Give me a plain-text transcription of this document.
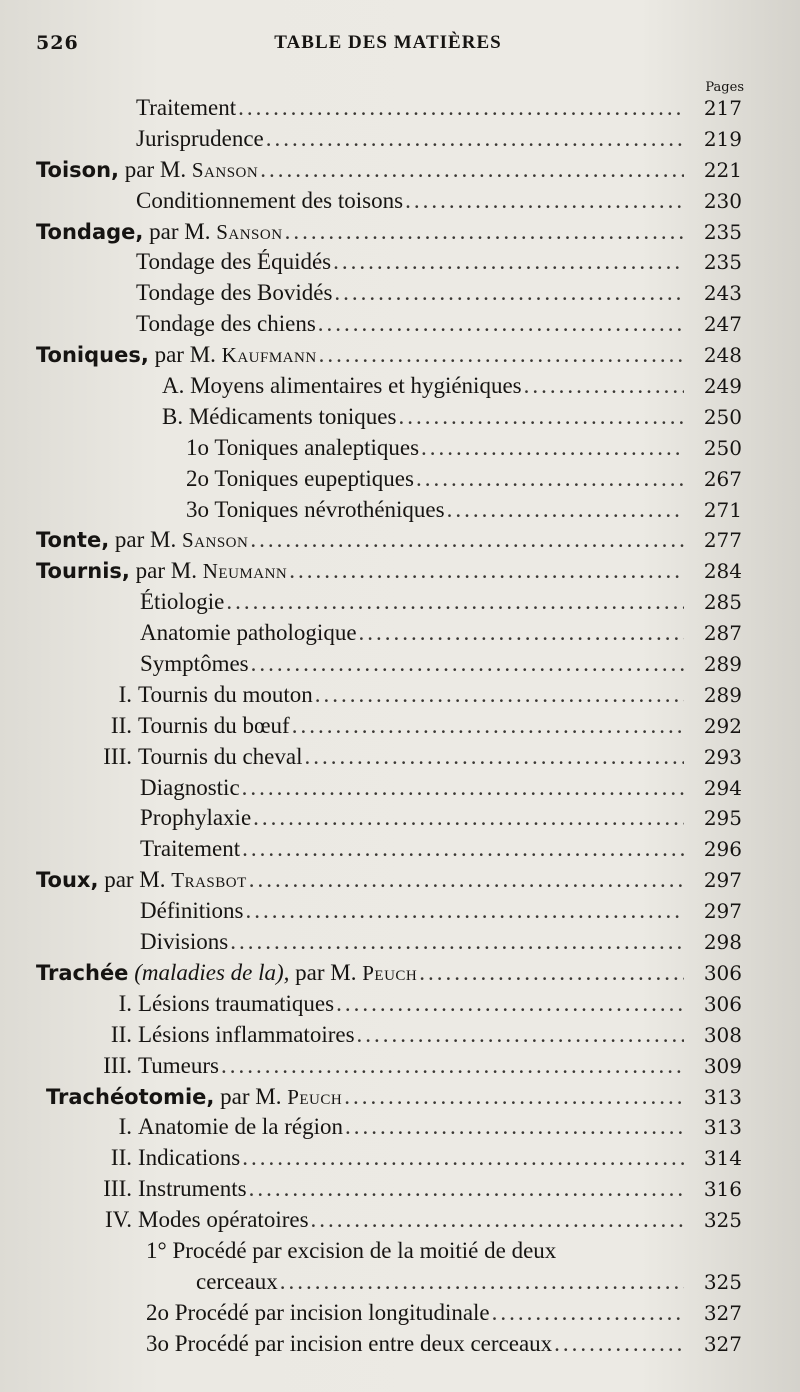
526	TABLE DES MATIÈRES
Pages
Traitement .....	217
Jurisprudence .....	219
Toison, par M. Sanson .....	221
Conditionnement des toisons .....	230
Tondage, par M. Sanson .....	235
Tondage des Équidés .....	235
Tondage des Bovidés .....	243
Tondage des chiens .....	247
Toniques, par M. Kaufmann .....	248
A. Moyens alimentaires et hygiéniques .....	249
B. Médicaments toniques .....	250
1o Toniques analeptiques .....	250
2o Toniques eupeptiques .....	267
3o Toniques névrothéniques .....	271
Tonte, par M. Sanson .....	277
Tournis, par M. Neumann .....	284
Étiologie .....	285
Anatomie pathologique .....	287
Symptômes .....	289
I. Tournis du mouton .....	289
II. Tournis du bœuf .....	292
III. Tournis du cheval .....	293
Diagnostic .....	294
Prophylaxie .....	295
Traitement .....	296
Toux, par M. Trasbot .....	297
Définitions .....	297
Divisions .....	298
Trachée (maladies de la), par M. Peuch .....	306
I. Lésions traumatiques .....	306
II. Lésions inflammatoires .....	308
III. Tumeurs .....	309
Trachéotomie, par M. Peuch .....	313
I. Anatomie de la région .....	313
II. Indications .....	314
III. Instruments .....	316
IV. Modes opératoires .....	325
1° Procédé par excision de la moitié de deux
cerceaux .....	325
2o Procédé par incision longitudinale .....	327
3o Procédé par incision entre deux cerceaux .....	327
